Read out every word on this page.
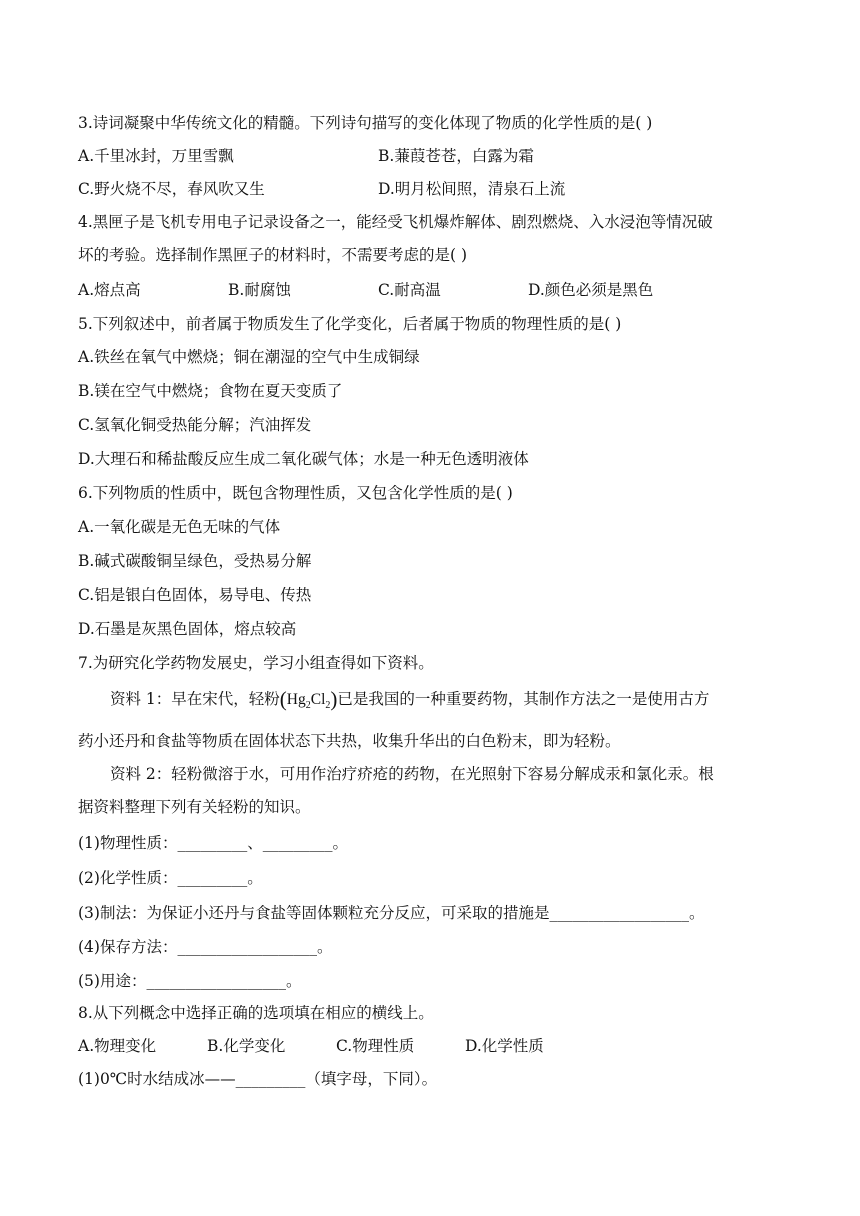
3.诗词凝聚中华传统文化的精髓。下列诗句描写的变化体现了物质的化学性质的是( )
A.千里冰封，万里雪飘	B.蒹葭苍苍，白露为霜
C.野火烧不尽，春风吹又生	D.明月松间照，清泉石上流
4.黑匣子是飞机专用电子记录设备之一，能经受飞机爆炸解体、剧烈燃烧、入水浸泡等情况破
坏的考验。选择制作黑匣子的材料时，不需要考虑的是( )
A.熔点高	B.耐腐蚀	C.耐高温	D.颜色必须是黑色
5.下列叙述中，前者属于物质发生了化学变化，后者属于物质的物理性质的是( )
A.铁丝在氧气中燃烧；铜在潮湿的空气中生成铜绿
B.镁在空气中燃烧；食物在夏天变质了
C.氢氧化铜受热能分解；汽油挥发
D.大理石和稀盐酸反应生成二氧化碳气体；水是一种无色透明液体
6.下列物质的性质中，既包含物理性质，又包含化学性质的是( )
A.一氧化碳是无色无味的气体
B.碱式碳酸铜呈绿色，受热易分解
C.铝是银白色固体，易导电、传热
D.石墨是灰黑色固体，熔点较高
7.为研究化学药物发展史，学习小组查得如下资料。
资料 1：早在宋代，轻粉$(Hg_2Cl_2)$已是我国的一种重要药物，其制作方法之一是使用古方
药小还丹和食盐等物质在固体状态下共热，收集升华出的白色粉末，即为轻粉。
资料 2：轻粉微溶于水，可用作治疗疥疮的药物，在光照射下容易分解成汞和氯化汞。根
据资料整理下列有关轻粉的知识。
(1)物理性质：_________、_________。
(2)化学性质：_________。
(3)制法：为保证小还丹与食盐等固体颗粒充分反应，可采取的措施是__________________。
(4)保存方法：__________________。
(5)用途：__________________。
8.从下列概念中选择正确的选项填在相应的横线上。
A.物理变化	B.化学变化	C.物理性质	D.化学性质
(1)0℃时水结成冰——_________（填字母，下同）。
